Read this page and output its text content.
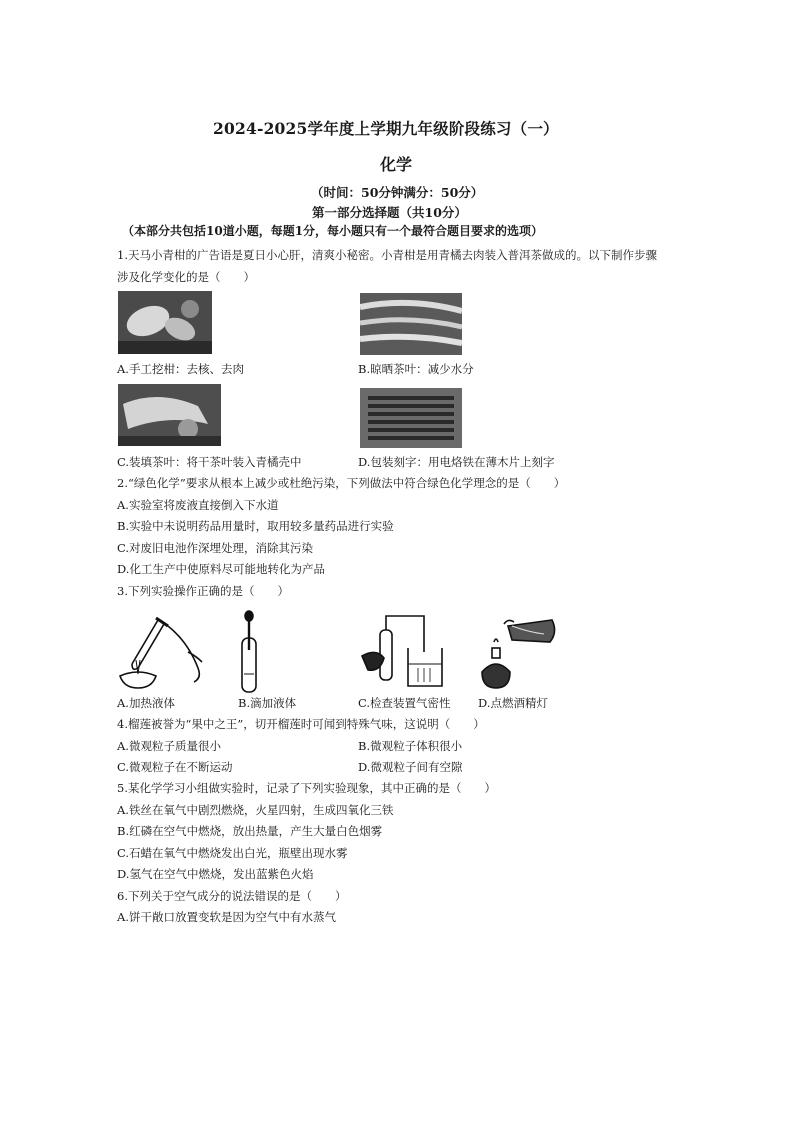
2024-2025学年度上学期九年级阶段练习（一）
化学
（时间：50分钟满分：50分）
第一部分选择题（共10分）
（本部分共包括10道小题，每题1分，每小题只有一个最符合题目要求的选项）
1.天马小青柑的广告语是夏日小心肝，清爽小秘密。小青柑是用青橘去肉装入普洱茶做成的。以下制作步骤
涉及化学变化的是（　　）
A.手工挖柑：去核、去肉	B.晾晒茶叶：减少水分
C.装填茶叶：将干茶叶装入青橘壳中	D.包装刻字：用电烙铁在薄木片上刻字
2.“绿色化学”要求从根本上减少或杜绝污染，下列做法中符合绿色化学理念的是（　　）
A.实验室将废液直接倒入下水道
B.实验中未说明药品用量时，取用较多量药品进行实验
C.对废旧电池作深埋处理，消除其污染
D.化工生产中使原料尽可能地转化为产品
3.下列实验操作正确的是（　　）
A.加热液体	B.滴加液体	C.检查装置气密性 D.点燃酒精灯
4.榴莲被誉为“果中之王”，切开榴莲时可闻到特殊气味，这说明（　　）
A.微观粒子质量很小	B.微观粒子体积很小
C.微观粒子在不断运动	D.微观粒子间有空隙
5.某化学学习小组做实验时，记录了下列实验现象，其中正确的是（　　）
A.铁丝在氧气中剧烈燃烧，火星四射，生成四氧化三铁
B.红磷在空气中燃烧，放出热量，产生大量白色烟雾
C.石蜡在氧气中燃烧发出白光，瓶壁出现水雾
D.氢气在空气中燃烧，发出蓝紫色火焰
6.下列关于空气成分的说法错误的是（　　）
A.饼干敞口放置变软是因为空气中有水蒸气
